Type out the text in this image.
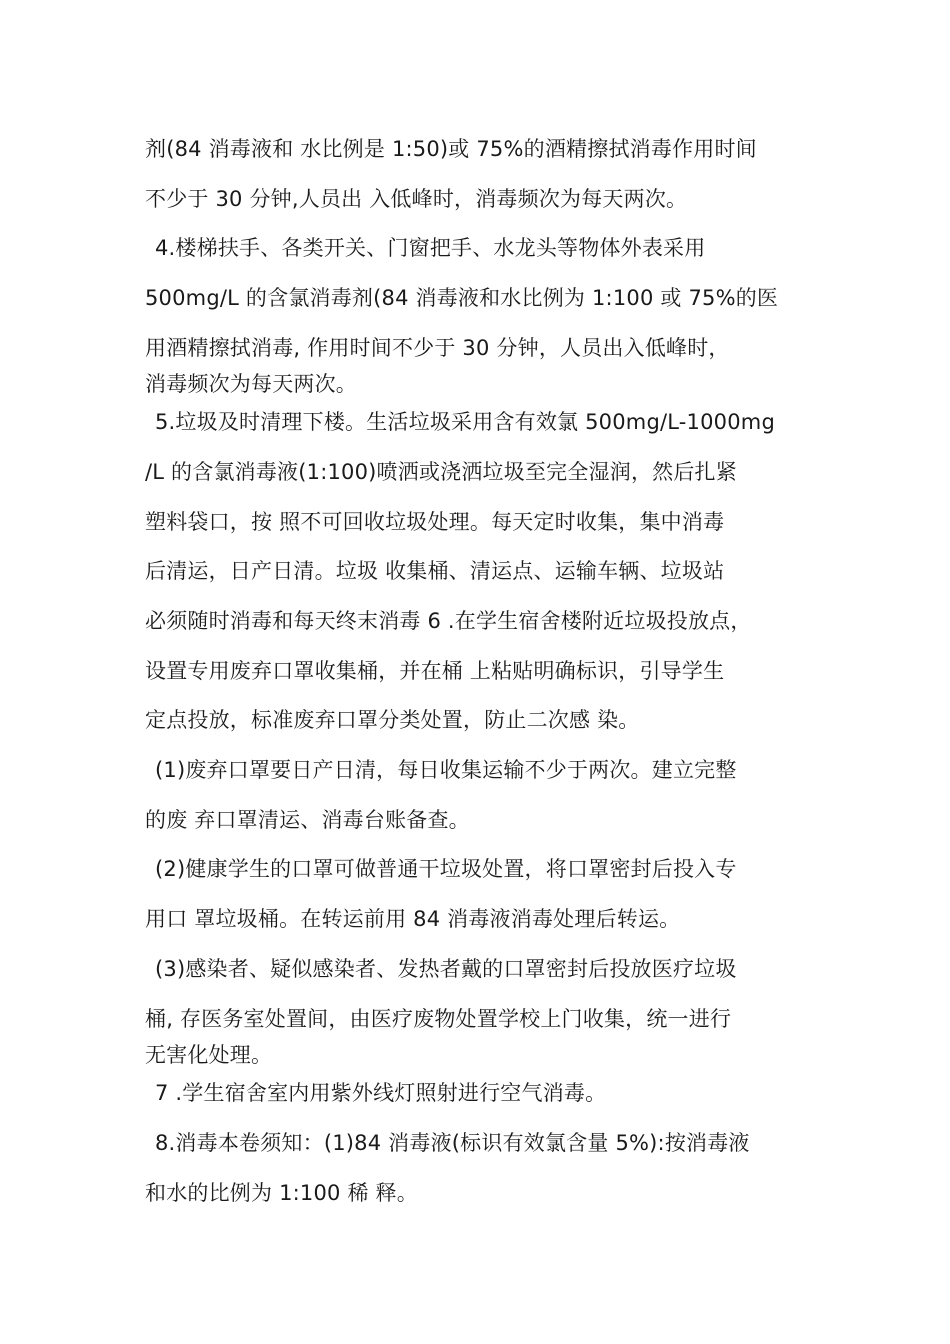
剂(84 消毒液和 水比例是 1:50)或 75%的酒精擦拭消毒作用时间

不少于 30 分钟,人员出 入低峰时，消毒频次为每天两次。

4.楼梯扶手、各类开关、门窗把手、水龙头等物体外表采用

500mg/L 的含氯消毒剂(84 消毒液和水比例为 1:100 或 75%的医

用酒精擦拭消毒, 作用时间不少于 30 分钟，人员出入低峰时，

消毒频次为每天两次。

5.垃圾及时清理下楼。生活垃圾采用含有效氯 500mg/L-1000mg

/L 的含氯消毒液(1:100)喷洒或浇洒垃圾至完全湿润，然后扎紧

塑料袋口，按 照不可回收垃圾处理。每天定时收集，集中消毒

后清运，日产日清。垃圾 收集桶、清运点、运输车辆、垃圾站

必须随时消毒和每天终末消毒 6 .在学生宿舍楼附近垃圾投放点，

设置专用废弃口罩收集桶，并在桶 上粘贴明确标识，引导学生

定点投放，标准废弃口罩分类处置，防止二次感 染。

(1)废弃口罩要日产日清，每日收集运输不少于两次。建立完整

的废 弃口罩清运、消毒台账备查。

(2)健康学生的口罩可做普通干垃圾处置，将口罩密封后投入专

用口 罩垃圾桶。在转运前用 84 消毒液消毒处理后转运。

(3)感染者、疑似感染者、发热者戴的口罩密封后投放医疗垃圾

桶, 存医务室处置间，由医疗废物处置学校上门收集，统一进行

无害化处理。

7 .学生宿舍室内用紫外线灯照射进行空气消毒。

8.消毒本卷须知：(1)84 消毒液(标识有效氯含量 5%):按消毒液

和水的比例为 1:100 稀 释。
